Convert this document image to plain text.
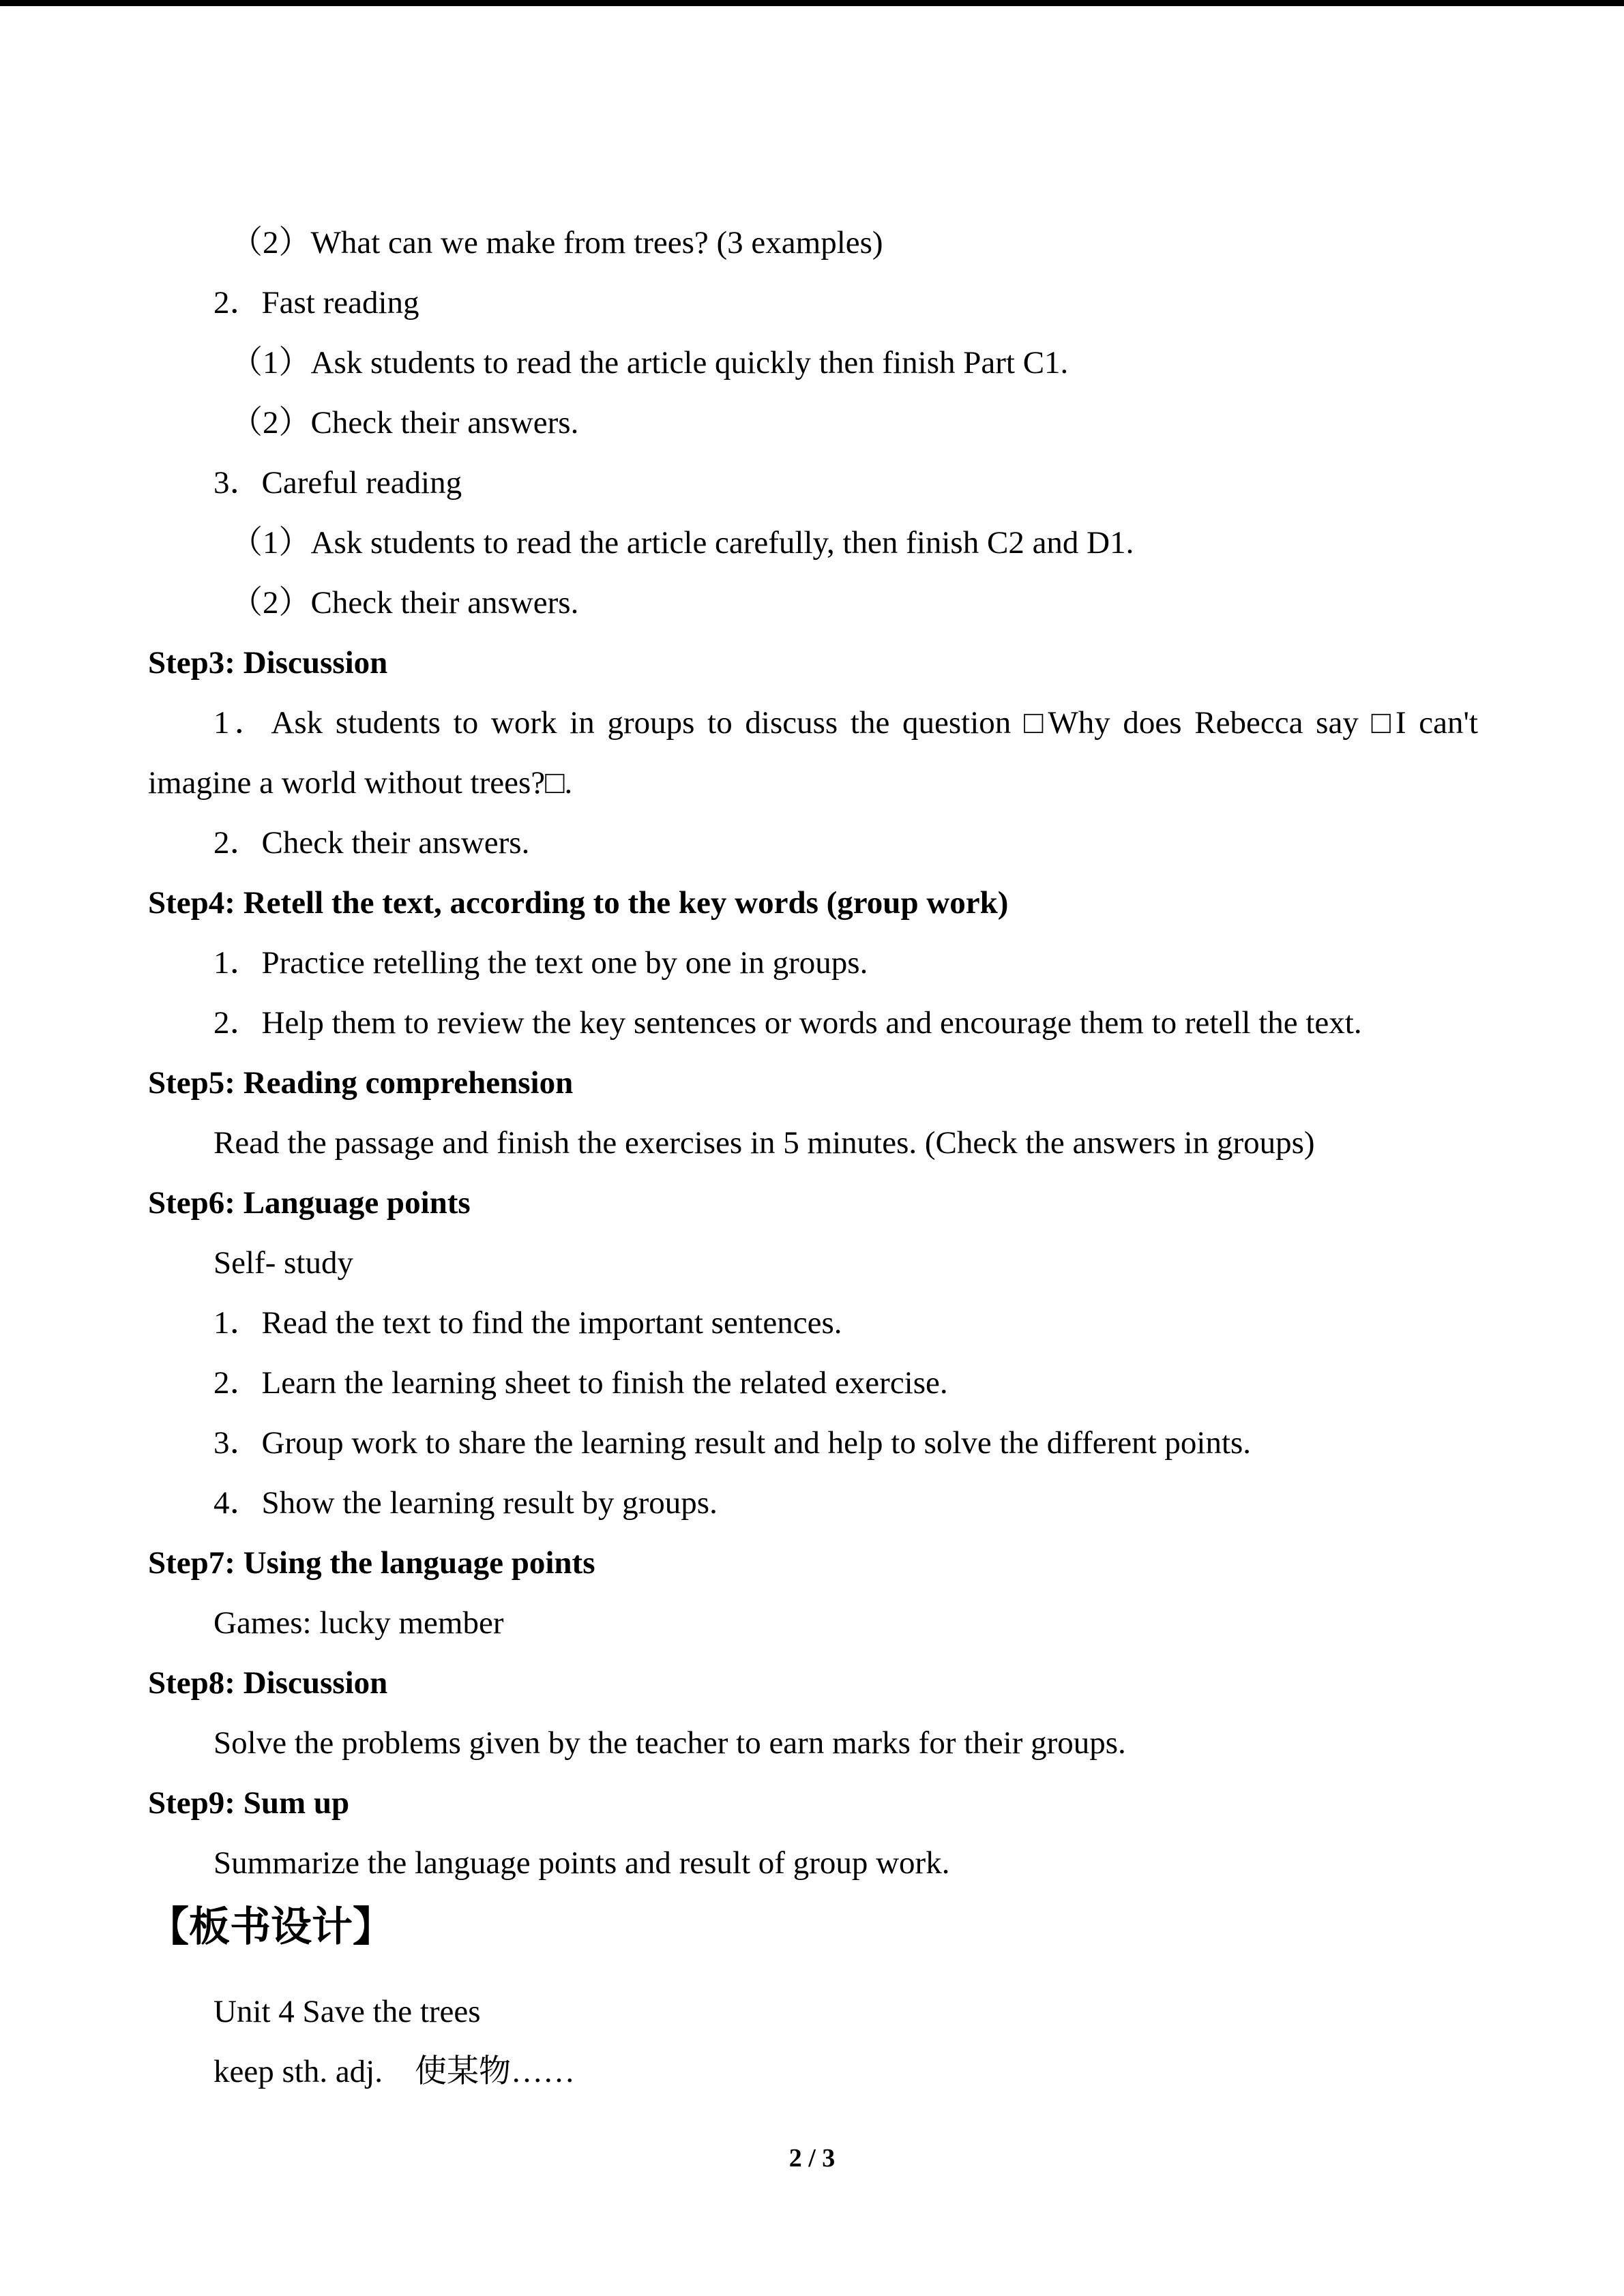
（2）What can we make from trees? (3 examples)
2．Fast reading
（1）Ask students to read the article quickly then finish Part C1.
（2）Check their answers.
3．Careful reading
（1）Ask students to read the article carefully, then finish C2 and D1.
（2）Check their answers.
Step3: Discussion
1．Ask students to work in groups to discuss the question □Why does Rebecca say □I can't
imagine a world without trees?□.
2．Check their answers.
Step4: Retell the text, according to the key words (group work)
1．Practice retelling the text one by one in groups.
2．Help them to review the key sentences or words and encourage them to retell the text.
Step5: Reading comprehension
Read the passage and finish the exercises in 5 minutes. (Check the answers in groups)
Step6: Language points
Self- study
1．Read the text to find the important sentences.
2．Learn the learning sheet to finish the related exercise.
3．Group work to share the learning result and help to solve the different points.
4．Show the learning result by groups.
Step7: Using the language points
Games: lucky member
Step8: Discussion
Solve the problems given by the teacher to earn marks for their groups.
Step9: Sum up
Summarize the language points and result of group work.
【板书设计】
Unit 4 Save the trees
keep sth. adj.　使某物……
2 / 3
